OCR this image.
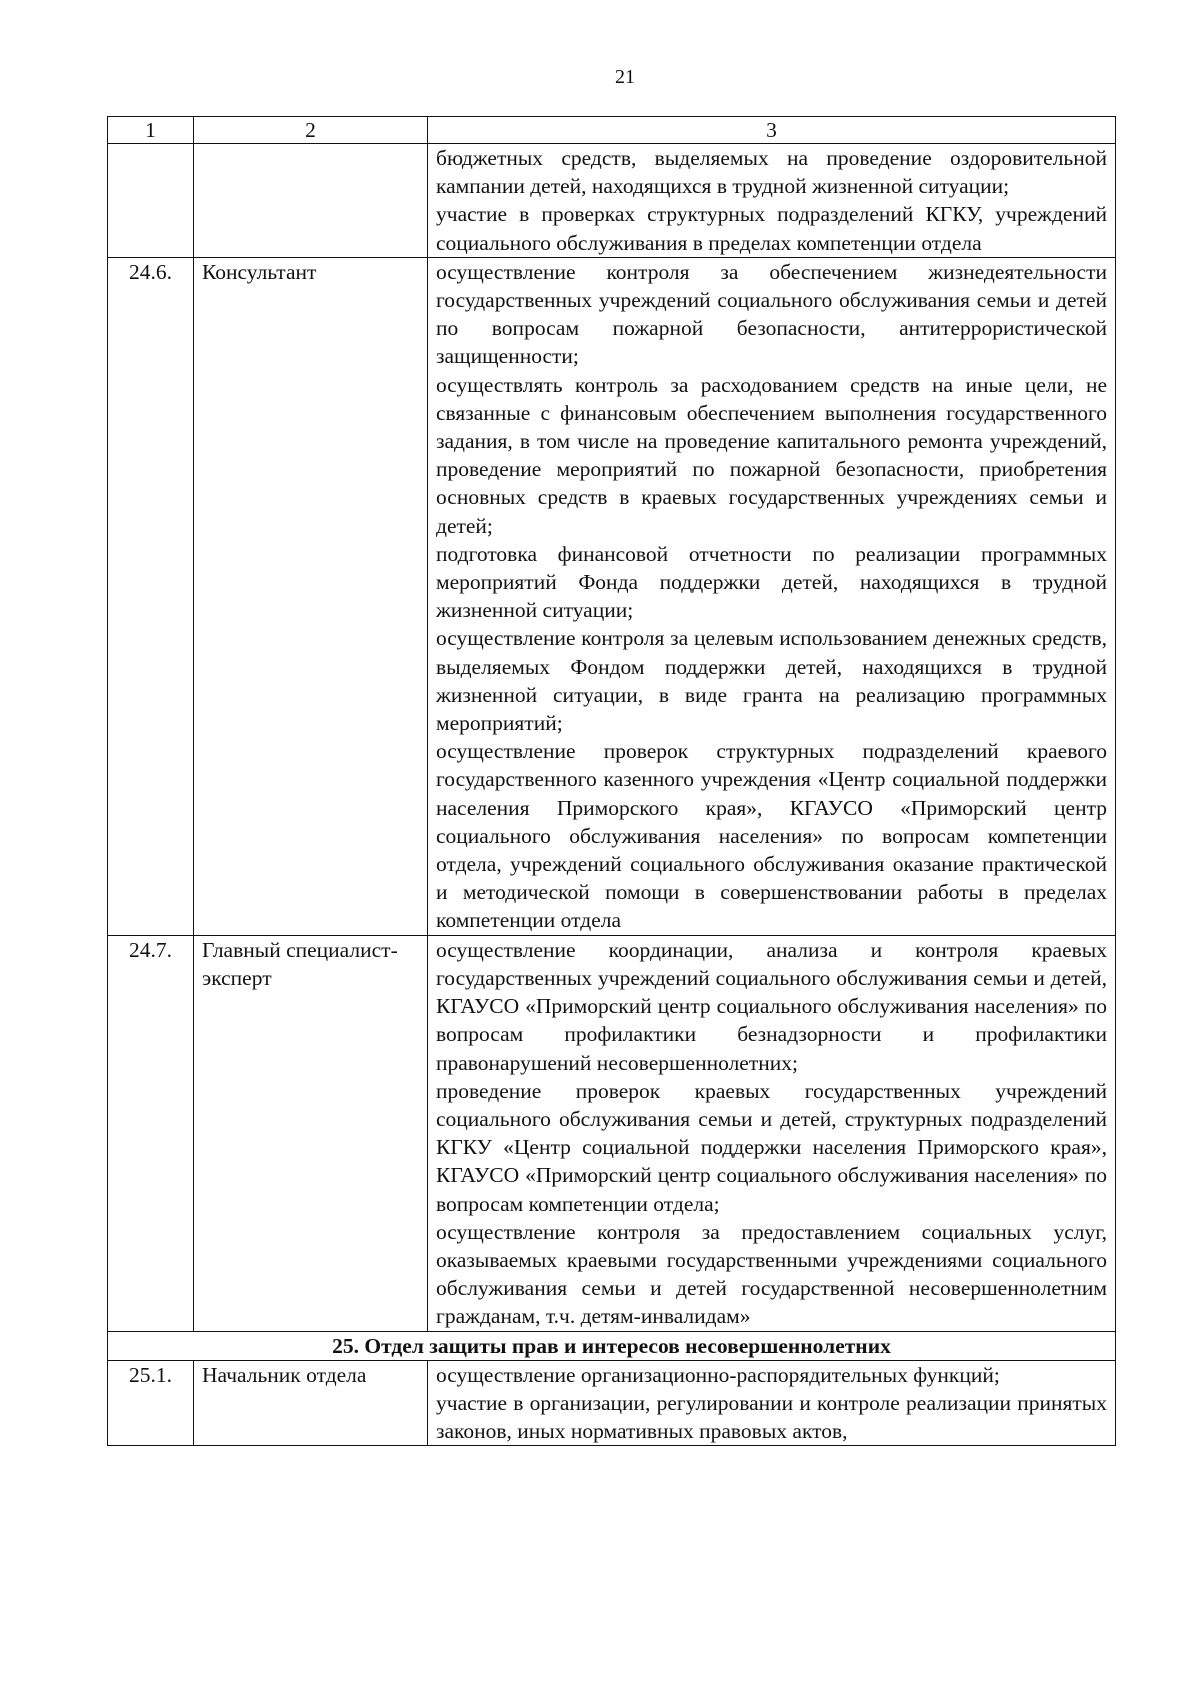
21
1	2	3

		бюджетных средств, выделяемых на проведение оздоровительной кампании детей, находящихся в трудной жизненной ситуации;
участие в проверках структурных подразделений КГКУ, учреждений социального обслуживания в пределах компетенции отдела

24.6.	Консультант	осуществление контроля за обеспечением жизнедеятельности государственных учреждений социального обслуживания семьи и детей по вопросам пожарной безопасности, антитеррористической защищенности;
осуществлять контроль за расходованием средств на иные цели, не связанные с финансовым обеспечением выполнения государственного задания, в том числе на проведение капитального ремонта учреждений, проведение мероприятий по пожарной безопасности, приобретения основных средств в краевых государственных учреждениях семьи и детей;
подготовка финансовой отчетности по реализации программных мероприятий Фонда поддержки детей, находящихся в трудной жизненной ситуации;
осуществление контроля за целевым использованием денежных средств, выделяемых Фондом поддержки детей, находящихся в трудной жизненной ситуации, в виде гранта на реализацию программных мероприятий;
осуществление проверок структурных подразделений краевого государственного казенного учреждения «Центр социальной поддержки населения Приморского края», КГАУСО «Приморский центр социального обслуживания населения» по вопросам компетенции отдела, учреждений социального обслуживания оказание практической и методической помощи в совершенствовании работы в пределах компетенции отдела

24.7.	Главный специалист-эксперт	осуществление координации, анализа и контроля краевых государственных учреждений социального обслуживания семьи и детей, КГАУСО «Приморский центр социального обслуживания населения» по вопросам профилактики безнадзорности и профилактики правонарушений несовершеннолетних;
проведение проверок краевых государственных учреждений социального обслуживания семьи и детей, структурных подразделений КГКУ «Центр социальной поддержки населения Приморского края», КГАУСО «Приморский центр социального обслуживания населения» по вопросам компетенции отдела;
осуществление контроля за предоставлением социальных услуг, оказываемых краевыми государственными учреждениями социального обслуживания семьи и детей государственной несовершеннолетним гражданам, т.ч. детям-инвалидам»

25. Отдел защиты прав и интересов несовершеннолетних		
25.1.	Начальник отдела	осуществление организационно-распорядительных функций;
участие в организации, регулировании и контроле реализации принятых законов, иных нормативных правовых актов,
